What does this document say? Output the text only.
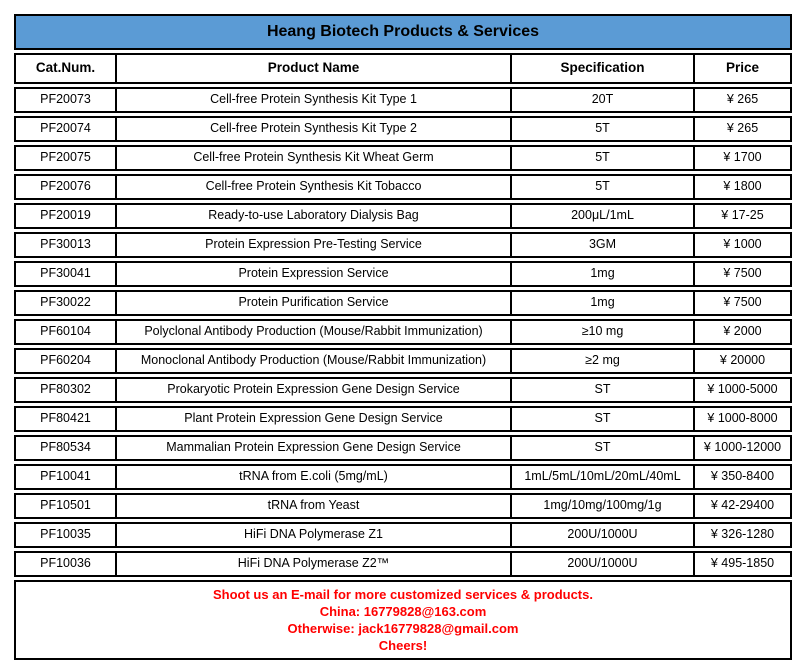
Heang Biotech Products & Services
Cat.Num.	Product Name	Specification	Price
PF20073	Cell-free Protein Synthesis Kit Type 1	20T	¥ 265
PF20074	Cell-free Protein Synthesis Kit Type 2	5T	¥ 265
PF20075	Cell-free Protein Synthesis Kit Wheat Germ	5T	¥ 1700
PF20076	Cell-free Protein Synthesis Kit Tobacco	5T	¥ 1800
PF20019	Ready-to-use Laboratory Dialysis Bag	200μL/1mL	¥ 17-25
PF30013	Protein Expression Pre-Testing Service	3GM	¥ 1000
PF30041	Protein Expression Service	1mg	¥ 7500
PF30022	Protein Purification Service	1mg	¥ 7500
PF60104	Polyclonal Antibody Production (Mouse/Rabbit Immunization)	≥10 mg	¥ 2000
PF60204	Monoclonal Antibody Production (Mouse/Rabbit Immunization)	≥2 mg	¥ 20000
PF80302	Prokaryotic Protein Expression Gene Design Service	ST	¥ 1000-5000
PF80421	Plant Protein Expression Gene Design Service	ST	¥ 1000-8000
PF80534	Mammalian Protein Expression Gene Design Service	ST	¥ 1000-12000
PF10041	tRNA from E.coli (5mg/mL)	1mL/5mL/10mL/20mL/40mL	¥ 350-8400
PF10501	tRNA from Yeast	1mg/10mg/100mg/1g	¥ 42-29400
PF10035	HiFi DNA Polymerase Z1	200U/1000U	¥ 326-1280
PF10036	HiFi DNA Polymerase Z2™	200U/1000U	¥ 495-1850
Shoot us an E-mail for more customized services & products.
China: 16779828@163.com
Otherwise: jack16779828@gmail.com
Cheers!
